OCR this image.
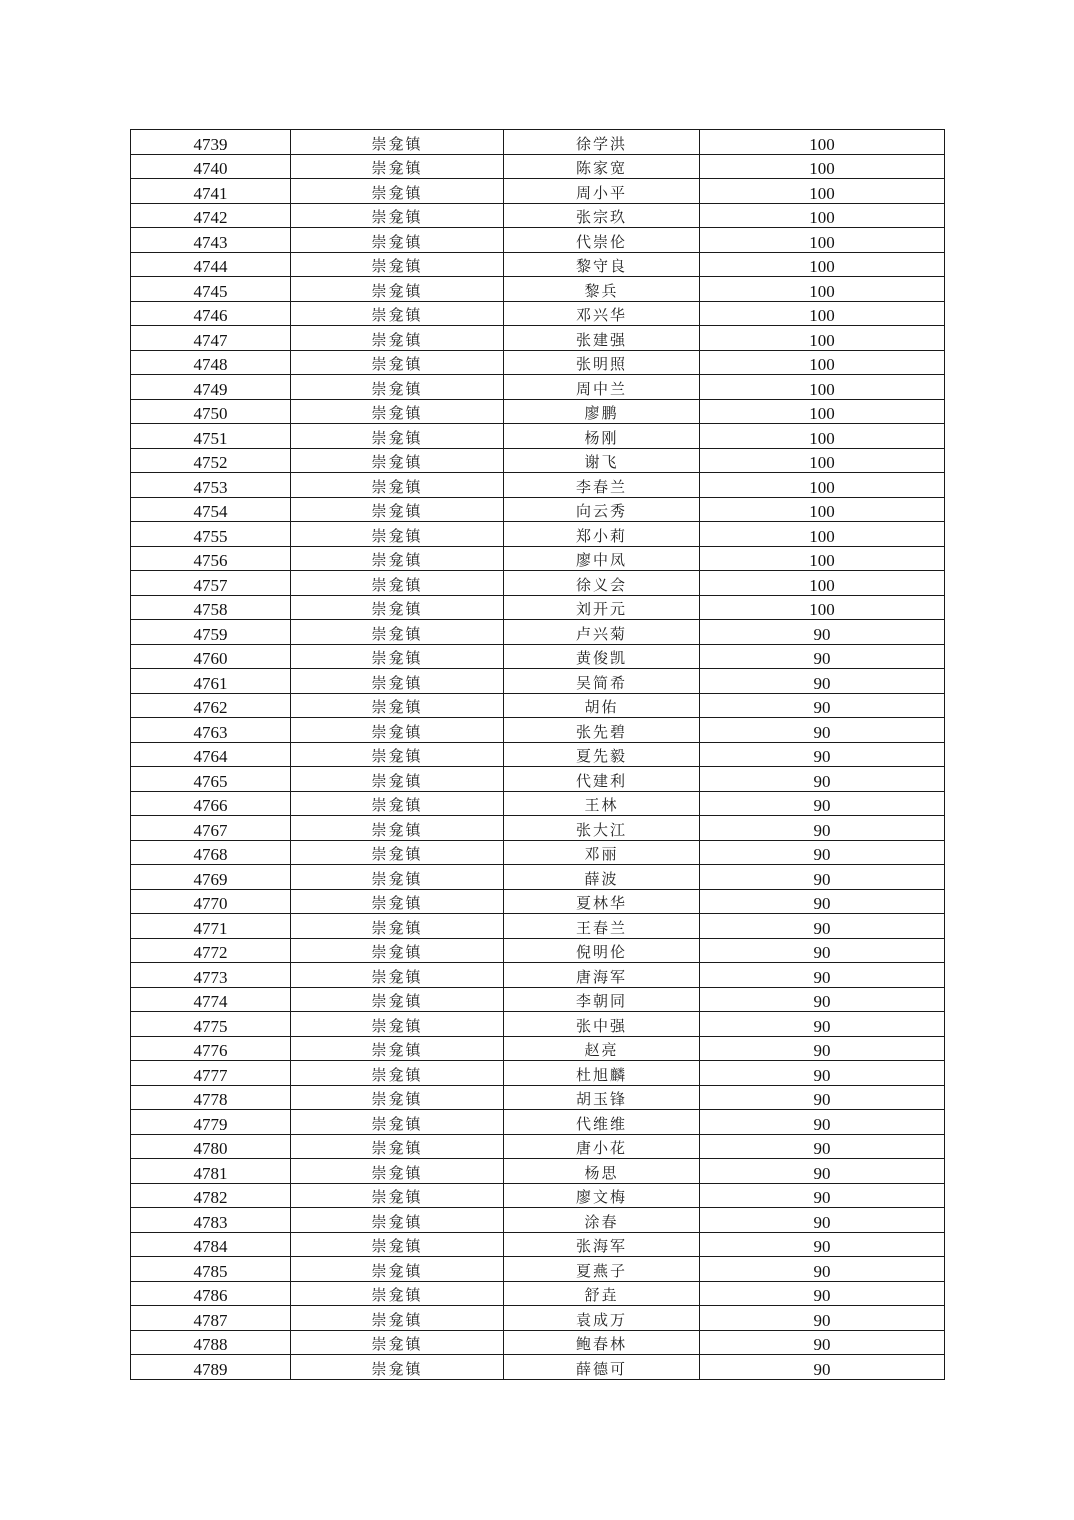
4739	崇龛镇	徐学洪	100
4740	崇龛镇	陈家宽	100
4741	崇龛镇	周小平	100
4742	崇龛镇	张宗玖	100
4743	崇龛镇	代崇伦	100
4744	崇龛镇	黎守良	100
4745	崇龛镇	黎兵	100
4746	崇龛镇	邓兴华	100
4747	崇龛镇	张建强	100
4748	崇龛镇	张明照	100
4749	崇龛镇	周中兰	100
4750	崇龛镇	廖鹏	100
4751	崇龛镇	杨刚	100
4752	崇龛镇	谢飞	100
4753	崇龛镇	李春兰	100
4754	崇龛镇	向云秀	100
4755	崇龛镇	郑小莉	100
4756	崇龛镇	廖中凤	100
4757	崇龛镇	徐义会	100
4758	崇龛镇	刘开元	100
4759	崇龛镇	卢兴菊	90
4760	崇龛镇	黄俊凯	90
4761	崇龛镇	吴简希	90
4762	崇龛镇	胡佑	90
4763	崇龛镇	张先碧	90
4764	崇龛镇	夏先毅	90
4765	崇龛镇	代建利	90
4766	崇龛镇	王林	90
4767	崇龛镇	张大江	90
4768	崇龛镇	邓丽	90
4769	崇龛镇	薛波	90
4770	崇龛镇	夏林华	90
4771	崇龛镇	王春兰	90
4772	崇龛镇	倪明伦	90
4773	崇龛镇	唐海军	90
4774	崇龛镇	李朝同	90
4775	崇龛镇	张中强	90
4776	崇龛镇	赵亮	90
4777	崇龛镇	杜旭麟	90
4778	崇龛镇	胡玉锋	90
4779	崇龛镇	代维维	90
4780	崇龛镇	唐小花	90
4781	崇龛镇	杨思	90
4782	崇龛镇	廖文梅	90
4783	崇龛镇	涂春	90
4784	崇龛镇	张海军	90
4785	崇龛镇	夏燕子	90
4786	崇龛镇	舒垚	90
4787	崇龛镇	袁成万	90
4788	崇龛镇	鲍春林	90
4789	崇龛镇	薛德可	90
